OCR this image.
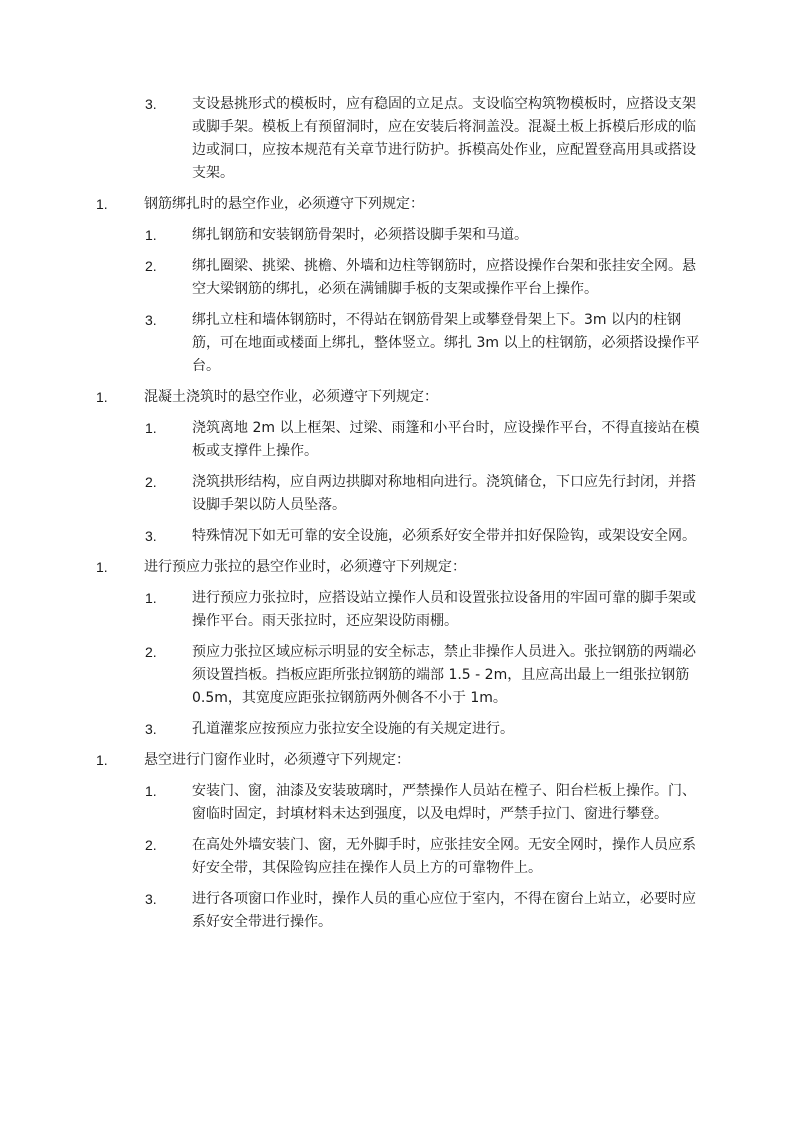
3.	支设悬挑形式的模板时，应有稳固的立足点。支设临空构筑物模板时，应搭设支架或脚手架。模板上有预留洞时，应在安装后将洞盖没。混凝土板上拆模后形成的临边或洞口，应按本规范有关章节进行防护。拆模高处作业，应配置登高用具或搭设支架。
1.	钢筋绑扎时的悬空作业，必须遵守下列规定：
1.	绑扎钢筋和安装钢筋骨架时，必须搭设脚手架和马道。
2.	绑扎圈梁、挑梁、挑檐、外墙和边柱等钢筋时，应搭设操作台架和张挂安全网。悬空大梁钢筋的绑扎，必须在满铺脚手板的支架或操作平台上操作。
3.	绑扎立柱和墙体钢筋时，不得站在钢筋骨架上或攀登骨架上下。3m 以内的柱钢筋，可在地面或楼面上绑扎，整体竖立。绑扎 3m 以上的柱钢筋，必须搭设操作平台。
1.	混凝土浇筑时的悬空作业，必须遵守下列规定：
1.	浇筑离地 2m 以上框架、过梁、雨篷和小平台时，应设操作平台，不得直接站在模板或支撑件上操作。
2.	浇筑拱形结构，应自两边拱脚对称地相向进行。浇筑储仓，下口应先行封闭，并搭设脚手架以防人员坠落。
3.	特殊情况下如无可靠的安全设施，必须系好安全带并扣好保险钩，或架设安全网。
1.	进行预应力张拉的悬空作业时，必须遵守下列规定：
1.	进行预应力张拉时，应搭设站立操作人员和设置张拉设备用的牢固可靠的脚手架或操作平台。雨天张拉时，还应架设防雨棚。
2.	预应力张拉区域应标示明显的安全标志，禁止非操作人员进入。张拉钢筋的两端必须设置挡板。挡板应距所张拉钢筋的端部 1.5 - 2m，且应高出最上一组张拉钢筋 0.5m，其宽度应距张拉钢筋两外侧各不小于 1m。
3.	孔道灌浆应按预应力张拉安全设施的有关规定进行。
1.	悬空进行门窗作业时，必须遵守下列规定：
1.	安装门、窗，油漆及安装玻璃时，严禁操作人员站在樘子、阳台栏板上操作。门、窗临时固定，封填材料未达到强度，以及电焊时，严禁手拉门、窗进行攀登。
2.	在高处外墙安装门、窗，无外脚手时，应张挂安全网。无安全网时，操作人员应系好安全带，其保险钩应挂在操作人员上方的可靠物件上。
3.	进行各项窗口作业时，操作人员的重心应位于室内，不得在窗台上站立，必要时应系好安全带进行操作。
